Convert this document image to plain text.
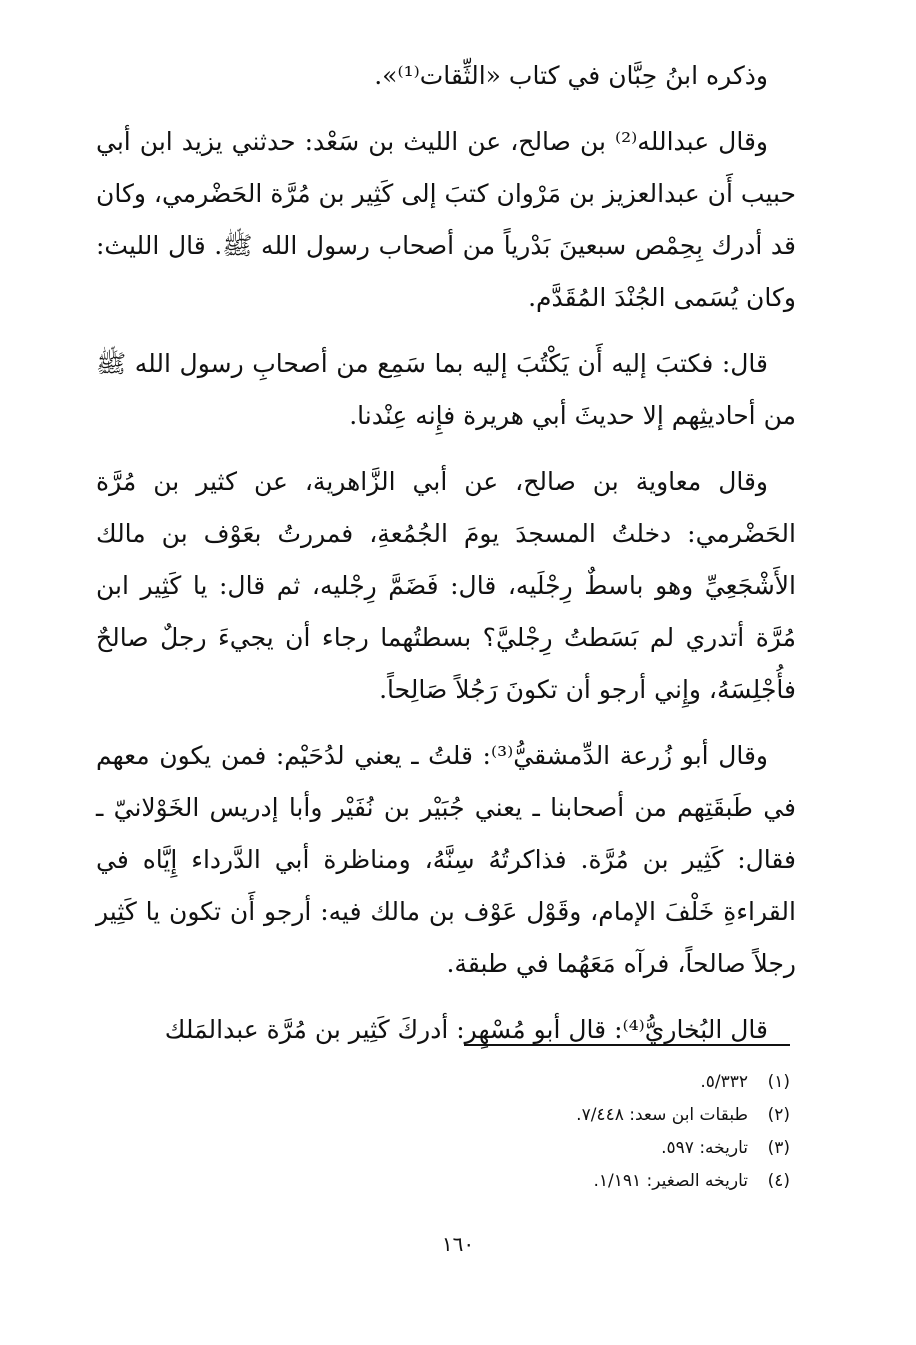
وذكره ابنُ حِبَّان في كتاب «الثِّقات⁽¹⁾».

وقال عبدالله⁽²⁾ بن صالح، عن الليث بن سَعْد: حدثني يزيد ابن أبي حبيب أَن عبدالعزيز بن مَرْوان كتبَ إلى كَثِير بن مُرَّة الحَضْرمي، وكان قد أدرك بِحِمْص سبعينَ بَدْرياً من أصحاب رسول الله ﷺ. قال الليث: وكان يُسَمى الجُنْدَ المُقَدَّم.

قال: فكتبَ إليه أَن يَكْتُبَ إليه بما سَمِع من أصحابِ رسول الله ﷺ من أحاديثِهم إلا حديثَ أبي هريرة فإِنه عِنْدنا.

وقال معاوية بن صالح، عن أبي الزَّاهرية، عن كثير بن مُرَّة الحَضْرمي: دخلتُ المسجدَ يومَ الجُمُعةِ، فمررتُ بعَوْف بن مالك الأَشْجَعِيِّ وهو باسطٌ رِجْلَيه، قال: فَضَمَّ رِجْليه، ثم قال: يا كَثِير ابن مُرَّة أتدري لم بَسَطتُ رِجْليَّ؟ بسطتُهما رجاء أن يجيءَ رجلٌ صالحٌ فأُجْلِسَهُ، وإِني أرجو أن تكونَ رَجُلاً صَالِحاً.

وقال أبو زُرعة الدِّمشقيُّ⁽³⁾: قلتُ ـ يعني لدُحَيْم: فمن يكون معهم في طَبقَتِهم من أصحابنا ـ يعني جُبَيْر بن نُفَيْر وأبا إدريس الخَوْلانيّ ـ فقال: كَثِير بن مُرَّة. فذاكرتُهُ سِنَّهُ، ومناظرة أبي الدَّرداء إِيَّاه في القراءةِ خَلْفَ الإمام، وقَوْل عَوْف بن مالك فيه: أرجو أَن تكون يا كَثِير رجلاً صالحاً، فرآه مَعَهُما في طبقة.

قال البُخاريُّ⁽⁴⁾: قال أبو مُسْهِر: أدركَ كَثِير بن مُرَّة عبدالمَلك

(١)
٥/٣٣٢.
(٢)
طبقات ابن سعد: ٧/٤٤٨.
(٣)
تاريخه: ٥٩٧.
(٤)
تاريخه الصغير: ١/١٩١.
١٦٠
